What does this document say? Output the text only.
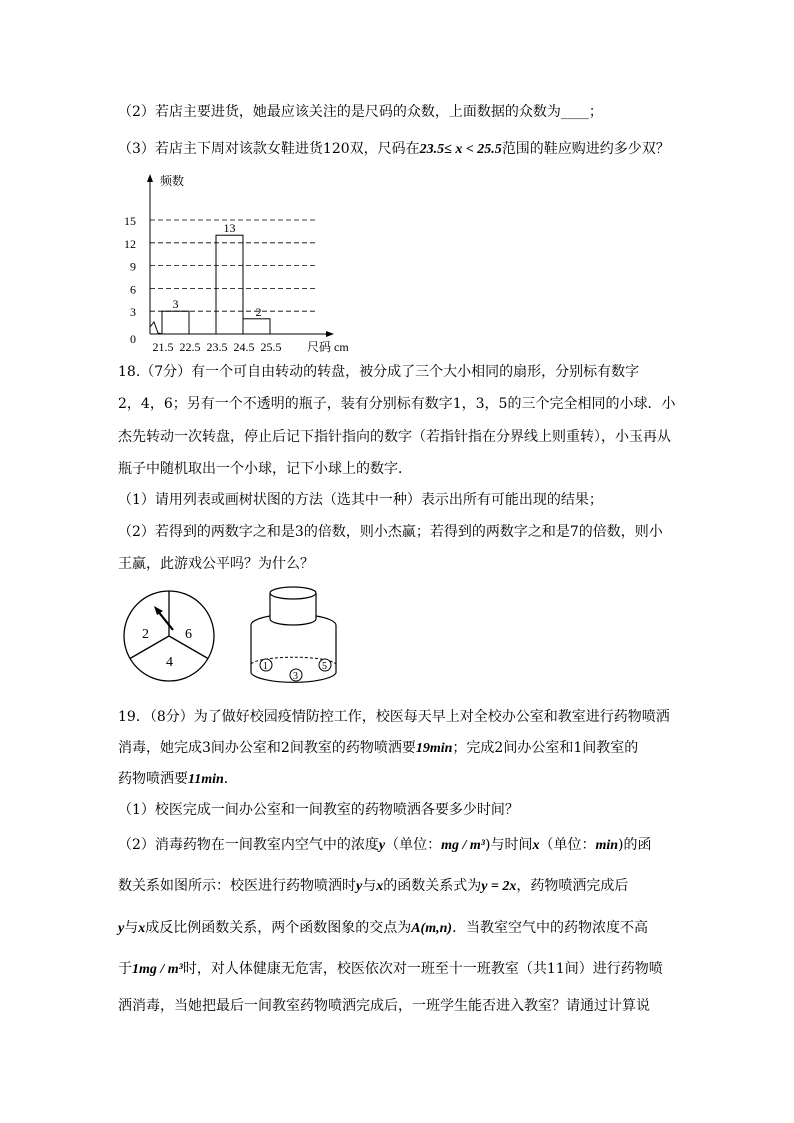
（2）若店主要进货，她最应该关注的是尺码的众数，上面数据的众数为____；
（3）若店主下周对该款女鞋进货120双，尺码在23.5≤ x < 25.5范围的鞋应购进约多少双？
0
3
6
9
12
15
3
13
2
21.5 22.5 23.5 24.5 25.5
频数
尺码 cm
18.（7分）有一个可自由转动的转盘，被分成了三个大小相同的扇形，分别标有数字
2，4，6；另有一个不透明的瓶子，装有分别标有数字1，3，5的三个完全相同的小球．小
杰先转动一次转盘，停止后记下指针指向的数字（若指针指在分界线上则重转），小玉再从
瓶子中随机取出一个小球，记下小球上的数字．
（1）请用列表或画树状图的方法（选其中一种）表示出所有可能出现的结果；
（2）若得到的两数字之和是3的倍数，则小杰赢；若得到的两数字之和是7的倍数，则小
王赢，此游戏公平吗？为什么？
2	6
4	1
3
5
19．（8分）为了做好校园疫情防控工作，校医每天早上对全校办公室和教室进行药物喷洒
消毒，她完成3间办公室和2间教室的药物喷洒要19min；完成2间办公室和1间教室的
药物喷洒要11min．
（1）校医完成一间办公室和一间教室的药物喷洒各要多少时间？
（2）消毒药物在一间教室内空气中的浓度y（单位：mg / m³)与时间x（单位：min)的函
数关系如图所示：校医进行药物喷洒时y与x的函数关系式为y = 2x，药物喷洒完成后
y与x成反比例函数关系，两个函数图象的交点为A(m,n)．当教室空气中的药物浓度不高
于1mg / m³时，对人体健康无危害，校医依次对一班至十一班教室（共11间）进行药物喷
洒消毒，当她把最后一间教室药物喷洒完成后，一班学生能否进入教室？请通过计算说
